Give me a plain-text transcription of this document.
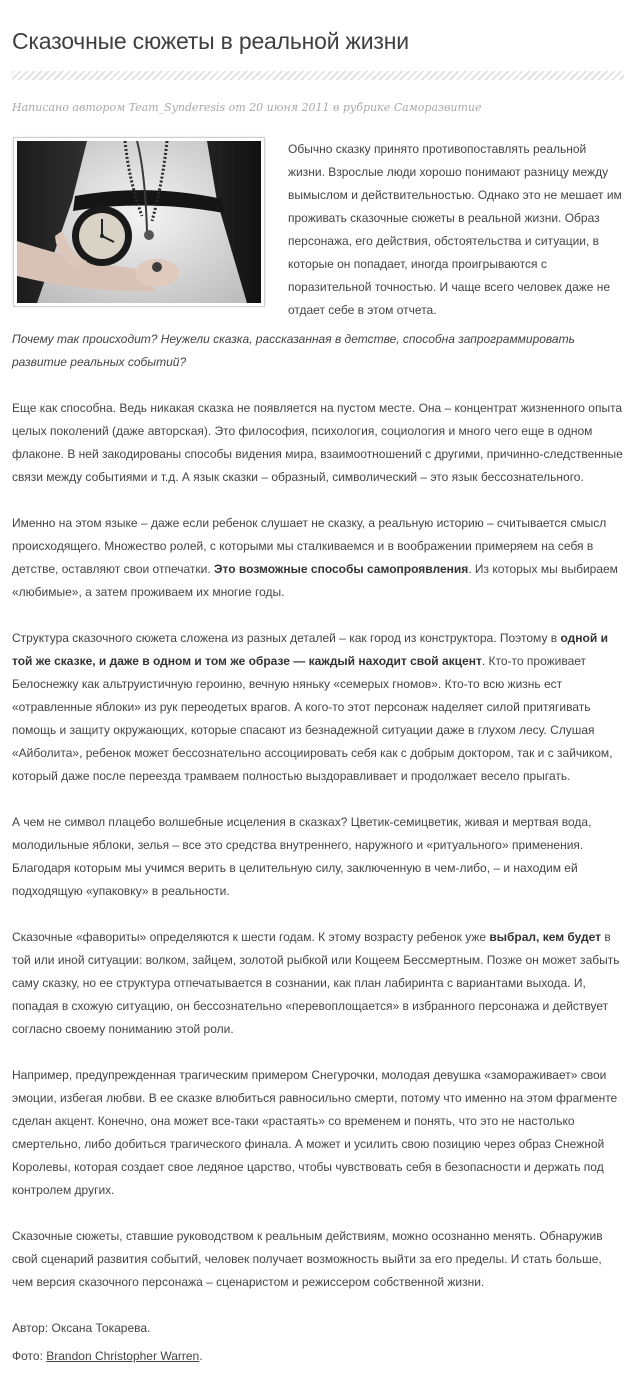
Сказочные сюжеты в реальной жизни
Написано автором Team_Synderesis от 20 июня 2011 в рубрике Саморазвитие

Обычно сказку принято противопоставлять реальной жизни. Взрослые люди хорошо понимают разницу между вымыслом и действительностью. Однако это не мешает им проживать сказочные сюжеты в реальной жизни. Образ персонажа, его действия, обстоятельства и ситуации, в которые он попадает, иногда проигрываются с поразительной точностью. И чаще всего человек даже не отдает себе в этом отчета.

Почему так происходит? Неужели сказка, рассказанная в детстве, способна запрограммировать развитие реальных событий?

Еще как способна. Ведь никакая сказка не появляется на пустом месте. Она – концентрат жизненного опыта целых поколений (даже авторская). Это философия, психология, социология и много чего еще в одном флаконе. В ней закодированы способы видения мира, взаимоотношений с другими, причинно-следственные связи между событиями и т.д. А язык сказки – образный, символический – это язык бессознательного.

Именно на этом языке – даже если ребенок слушает не сказку, а реальную историю – считывается смысл происходящего. Множество ролей, с которыми мы сталкиваемся и в воображении примеряем на себя в детстве, оставляют свои отпечатки. Это возможные способы самопроявления. Из которых мы выбираем «любимые», а затем проживаем их многие годы.

Структура сказочного сюжета сложена из разных деталей – как город из конструктора. Поэтому в одной и той же сказке, и даже в одном и том же образе — каждый находит свой акцент. Кто-то проживает Белоснежку как альтруистичную героиню, вечную няньку «семерых гномов». Кто-то всю жизнь ест «отравленные яблоки» из рук переодетых врагов. А кого-то этот персонаж наделяет силой притягивать помощь и защиту окружающих, которые спасают из безнадежной ситуации даже в глухом лесу. Слушая «Айболита», ребенок может бессознательно ассоциировать себя как с добрым доктором, так и с зайчиком, который даже после переезда трамваем полностью выздоравливает и продолжает весело прыгать.

А чем не символ плацебо волшебные исцеления в сказках? Цветик-семицветик, живая и мертвая вода, молодильные яблоки, зелья – все это средства внутреннего, наружного и «ритуального» применения. Благодаря которым мы учимся верить в целительную силу, заключенную в чем-либо, – и находим ей подходящую «упаковку» в реальности.

Сказочные «фавориты» определяются к шести годам. К этому возрасту ребенок уже выбрал, кем будет в той или иной ситуации: волком, зайцем, золотой рыбкой или Кощеем Бессмертным. Позже он может забыть саму сказку, но ее структура отпечатывается в сознании, как план лабиринта с вариантами выхода. И, попадая в схожую ситуацию, он бессознательно «перевоплощается» в избранного персонажа и действует согласно своему пониманию этой роли.

Например, предупрежденная трагическим примером Снегурочки, молодая девушка «замораживает» свои эмоции, избегая любви. В ее сказке влюбиться равносильно смерти, потому что именно на этом фрагменте сделан акцент. Конечно, она может все-таки «растаять» со временем и понять, что это не настолько смертельно, либо добиться трагического финала. А может и усилить свою позицию через образ Снежной Королевы, которая создает свое ледяное царство, чтобы чувствовать себя в безопасности и держать под контролем других.

Сказочные сюжеты, ставшие руководством к реальным действиям, можно осознанно менять. Обнаружив свой сценарий развития событий, человек получает возможность выйти за его пределы. И стать больше, чем версия сказочного персонажа – сценаристом и режиссером собственной жизни.

Автор: Оксана Токарева.

Фото: Brandon Christopher Warren.
